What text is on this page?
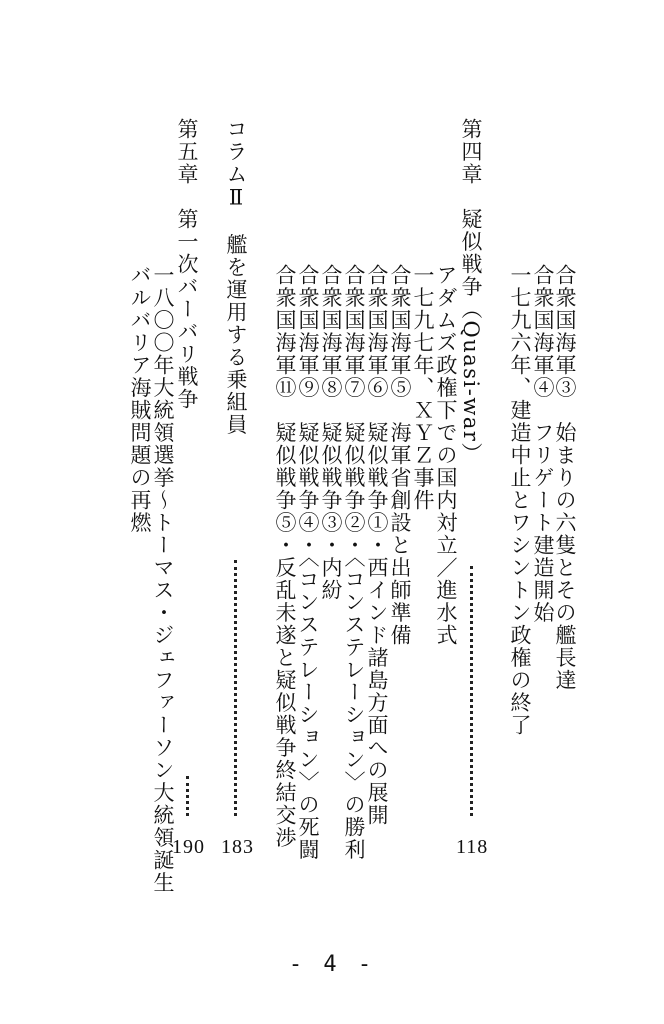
合衆国海軍③　始まりの六隻とその艦長達
合衆国海軍④　フリゲート建造開始
一七九六年、建造中止とワシントン政権の終了
第四章　疑似戦争（Quasi-war）
118
アダムズ政権下での国内対立／進水式
一七九七年、ＸＹＺ事件
合衆国海軍⑤　海軍省創設と出師準備
合衆国海軍⑥　疑似戦争①・西インド諸島方面への展開
合衆国海軍⑦　疑似戦争②・〈コンステレーション〉の勝利
合衆国海軍⑧　疑似戦争③・内紛
合衆国海軍⑨　疑似戦争④・〈コンステレーション〉の死闘
合衆国海軍⑪　疑似戦争⑤・反乱未遂と疑似戦争終結交渉
コラムⅡ　艦を運用する乗組員
183
第五章　第一次バーバリ戦争
190
一八〇〇年大統領選挙～トーマス・ジェファーソン大統領誕生
バルバリア海賊問題の再燃
- 4 -
